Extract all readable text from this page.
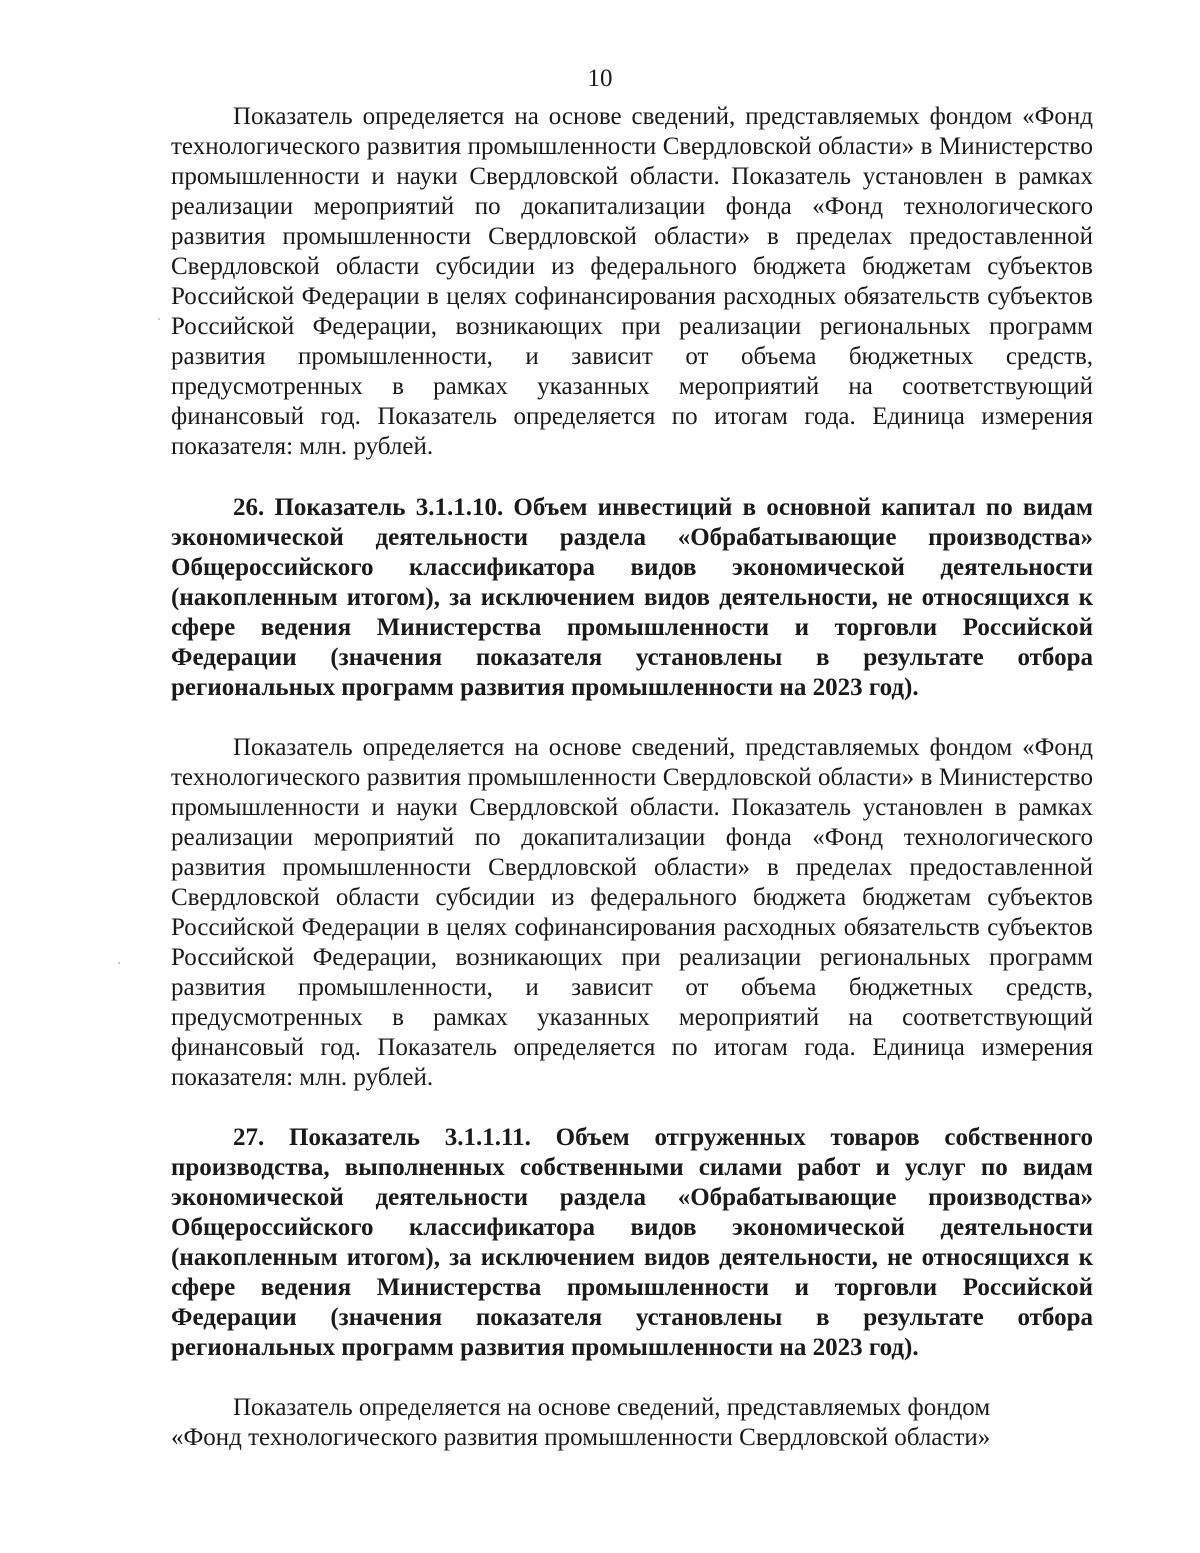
10

Показатель определяется на основе сведений, представляемых фондом «Фонд технологического развития промышленности Свердловской области» в Министерство промышленности и науки Свердловской области. Показатель установлен в рамках реализации мероприятий по докапитализации фонда «Фонд технологического развития промышленности Свердловской области» в пределах предоставленной Свердловской области субсидии из федерального бюджета бюджетам субъектов Российской Федерации в целях софинансирования расходных обязательств субъектов Российской Федерации, возникающих при реализации региональных программ развития промышленности, и зависит от объема бюджетных средств, предусмотренных в рамках указанных мероприятий на соответствующий финансовый год. Показатель определяется по итогам года. Единица измерения показателя: млн. рублей.

26. Показатель 3.1.1.10. Объем инвестиций в основной капитал по видам экономической деятельности раздела «Обрабатывающие производства» Общероссийского классификатора видов экономической деятельности (накопленным итогом), за исключением видов деятельности, не относящихся к сфере ведения Министерства промышленности и торговли Российской Федерации (значения показателя установлены в результате отбора региональных программ развития промышленности на 2023 год).

Показатель определяется на основе сведений, представляемых фондом «Фонд технологического развития промышленности Свердловской области» в Министерство промышленности и науки Свердловской области. Показатель установлен в рамках реализации мероприятий по докапитализации фонда «Фонд технологического развития промышленности Свердловской области» в пределах предоставленной Свердловской области субсидии из федерального бюджета бюджетам субъектов Российской Федерации в целях софинансирования расходных обязательств субъектов Российской Федерации, возникающих при реализации региональных программ развития промышленности, и зависит от объема бюджетных средств, предусмотренных в рамках указанных мероприятий на соответствующий финансовый год. Показатель определяется по итогам года. Единица измерения показателя: млн. рублей.

27. Показатель 3.1.1.11. Объем отгруженных товаров собственного производства, выполненных собственными силами работ и услуг по видам экономической деятельности раздела «Обрабатывающие производства» Общероссийского классификатора видов экономической деятельности (накопленным итогом), за исключением видов деятельности, не относящихся к сфере ведения Министерства промышленности и торговли Российской Федерации (значения показателя установлены в результате отбора региональных программ развития промышленности на 2023 год).

Показатель определяется на основе сведений, представляемых фондом

«Фонд технологического развития промышленности Свердловской области»
